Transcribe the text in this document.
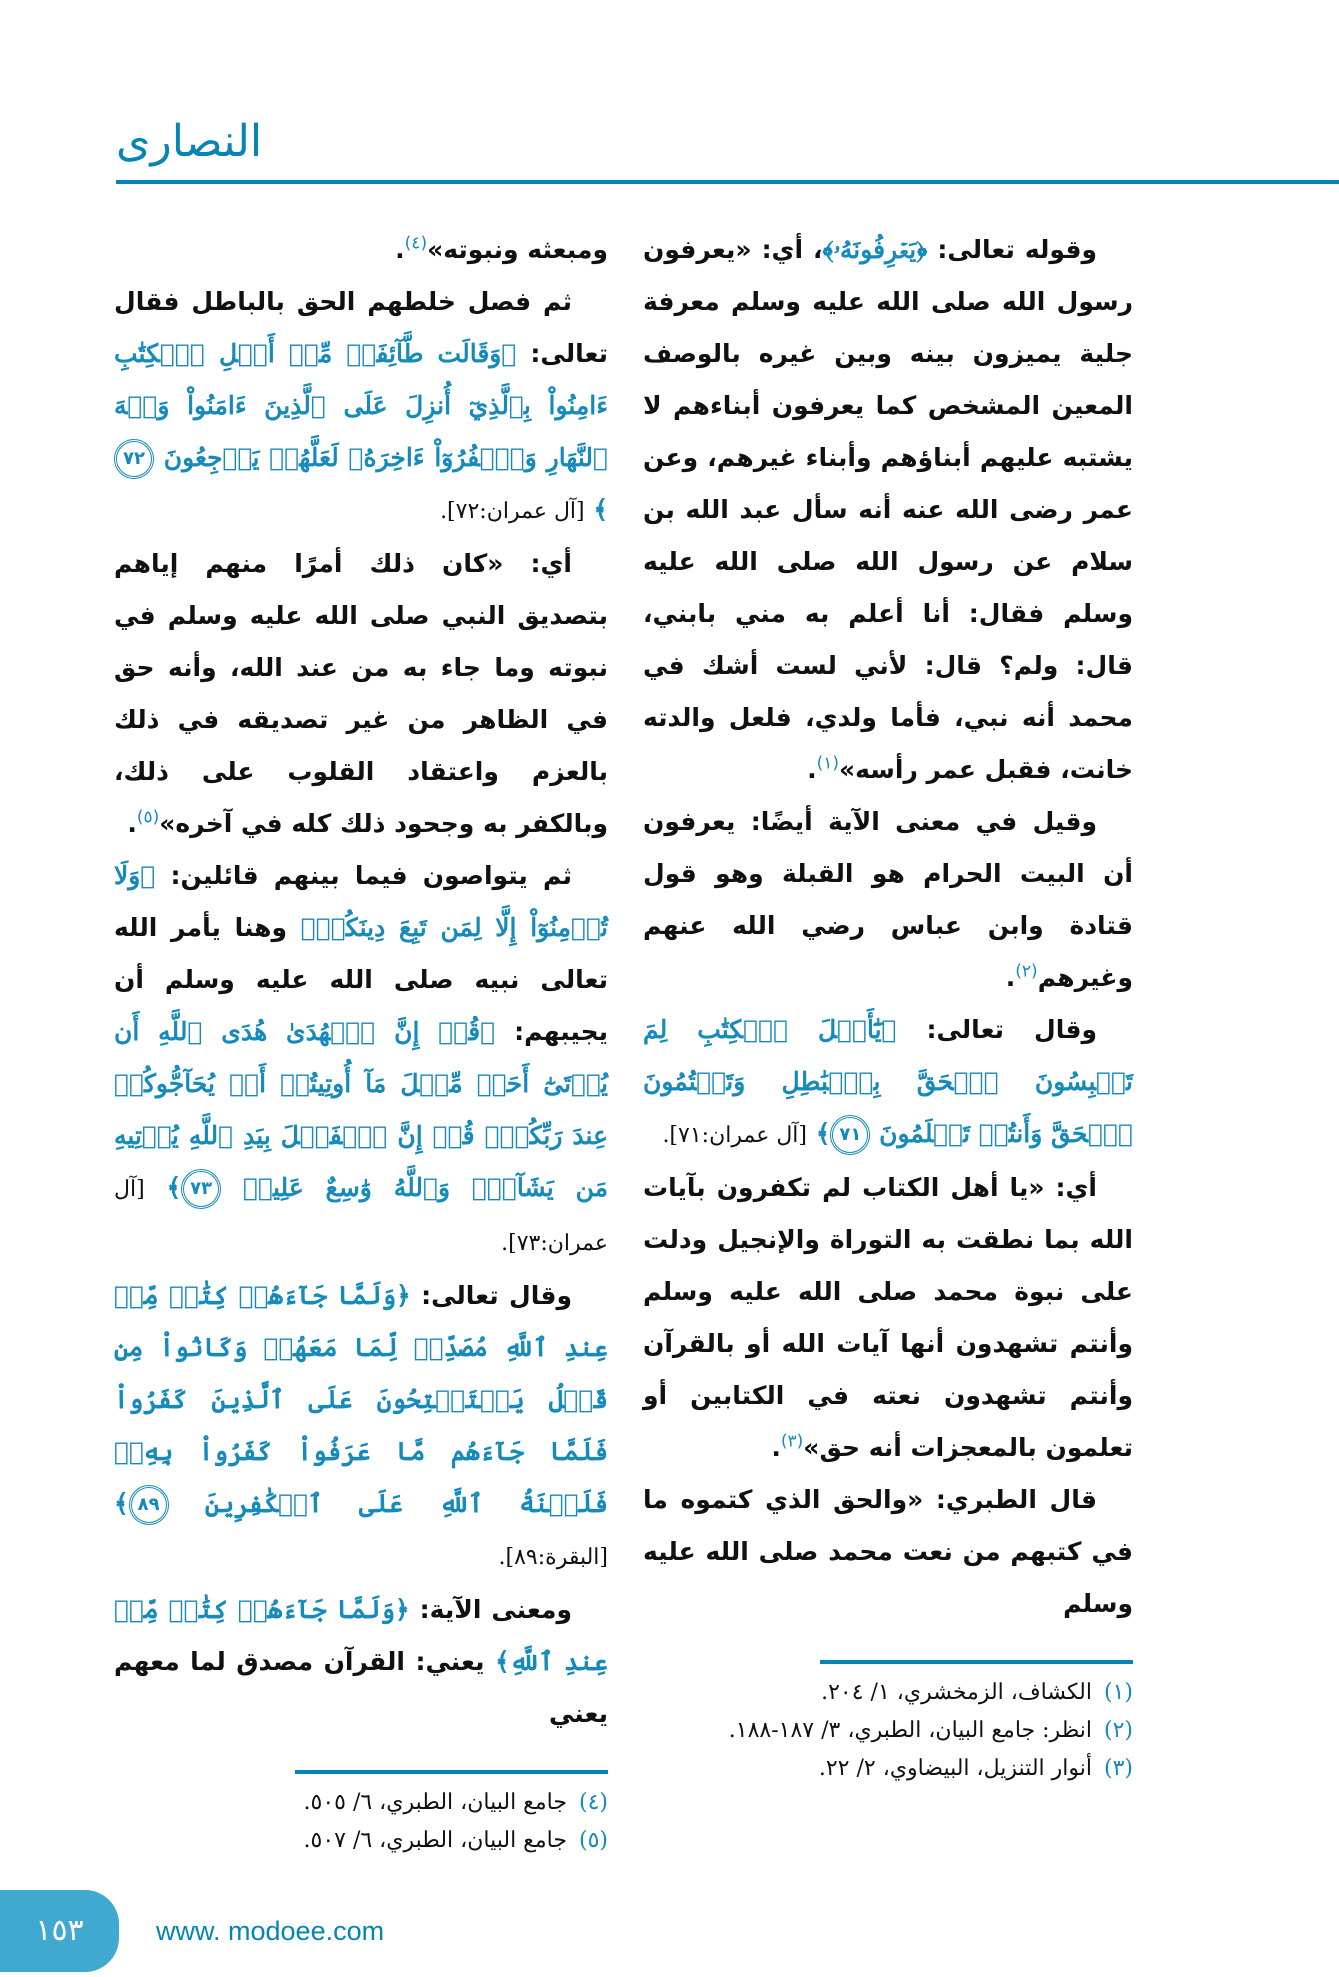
النصارى

وقوله تعالى: ﴿يَعۡرِفُونَهُۥ﴾، أي: «يعرفون رسول الله صلى الله عليه وسلم معرفة جلية يميزون بينه وبين غيره بالوصف المعين المشخص كما يعرفون أبناءهم لا يشتبه عليهم أبناؤهم وأبناء غيرهم، وعن عمر رضى الله عنه أنه سأل عبد الله بن سلام عن رسول الله صلى الله عليه وسلم فقال: أنا أعلم به مني بابني، قال: ولم؟ قال: لأني لست أشك في محمد أنه نبي، فأما ولدي، فلعل والدته خانت، فقبل عمر رأسه»$^{(١)}$.

وقيل في معنى الآية أيضًا: يعرفون أن البيت الحرام هو القبلة وهو قول قتادة وابن عباس رضي الله عنهم وغيرهم$^{(٢)}$.

وقال تعالى: ﴿يَٰٓأَهۡلَ ٱلۡكِتَٰبِ لِمَ تَلۡبِسُونَ ٱلۡحَقَّ بِٱلۡبَٰطِلِ وَتَكۡتُمُونَ ٱلۡحَقَّ وَأَنتُمۡ تَعۡلَمُونَ ٧١﴾ [آل عمران:٧١].

أي: «يا أهل الكتاب لم تكفرون بآيات الله بما نطقت به التوراة والإنجيل ودلت على نبوة محمد صلى الله عليه وسلم وأنتم تشهدون أنها آيات الله أو بالقرآن وأنتم تشهدون نعته في الكتابين أو تعلمون بالمعجزات أنه حق»$^{(٣)}$.

قال الطبري: «والحق الذي كتموه ما في كتبهم من نعت محمد صلى الله عليه وسلم

(١)الكشاف، الزمخشري، ١/ ٢٠٤.
(٢)انظر: جامع البيان، الطبري، ٣/ ١٨٧-١٨٨.
(٣)أنوار التنزيل، البيضاوي، ٢/ ٢٢.

ومبعثه ونبوته»$^{(٤)}$.

ثم فصل خلطهم الحق بالباطل فقال تعالى: ﴿وَقَالَت طَّآئِفَةٞ مِّنۡ أَهۡلِ ٱلۡكِتَٰبِ ءَامِنُواْ بِٱلَّذِيٓ أُنزِلَ عَلَى ٱلَّذِينَ ءَامَنُواْ وَجۡهَ ٱلنَّهَارِ وَٱكۡفُرُوٓاْ ءَاخِرَهُۥ لَعَلَّهُمۡ يَرۡجِعُونَ ٧٢﴾ [آل عمران:٧٢].

أي: «كان ذلك أمرًا منهم إياهم بتصديق النبي صلى الله عليه وسلم في نبوته وما جاء به من عند الله، وأنه حق في الظاهر من غير تصديقه في ذلك بالعزم واعتقاد القلوب على ذلك، وبالكفر به وجحود ذلك كله في آخره»$^{(٥)}$.

ثم يتواصون فيما بينهم قائلين: ﴿وَلَا تُؤۡمِنُوٓاْ إِلَّا لِمَن تَبِعَ دِينَكُمۡ﴾ وهنا يأمر الله تعالى نبيه صلى الله عليه وسلم أن يجيبهم: ﴿قُلۡ إِنَّ ٱلۡهُدَىٰ هُدَى ٱللَّهِ أَن يُؤۡتَىٰٓ أَحَدٞ مِّثۡلَ مَآ أُوتِيتُمۡ أَوۡ يُحَآجُّوكُمۡ عِندَ رَبِّكُمۡۗ قُلۡ إِنَّ ٱلۡفَضۡلَ بِيَدِ ٱللَّهِ يُؤۡتِيهِ مَن يَشَآءُۗ وَٱللَّهُ وَٰسِعٌ عَلِيمٞ ٧٣﴾ [آل عمران:٧٣].

وقال تعالى: ﴿وَلَمَّا جَآءَهُمۡ كِتَٰبٞ مِّنۡ عِندِ ٱللَّهِ مُصَدِّقٞ لِّمَا مَعَهُمۡ وَكَانُواْ مِن قَبۡلُ يَسۡتَفۡتِحُونَ عَلَى ٱلَّذِينَ كَفَرُواْ فَلَمَّا جَآءَهُم مَّا عَرَفُواْ كَفَرُواْ بِهِۦۚ فَلَعۡنَةُ ٱللَّهِ عَلَى ٱلۡكَٰفِرِينَ ٨٩﴾ [البقرة:٨٩].

ومعنى الآية: ﴿وَلَمَّا جَآءَهُمۡ كِتَٰبٞ مِّنۡ عِندِ ٱللَّهِ﴾ يعني: القرآن مصدق لما معهم يعني

(٤)جامع البيان، الطبري، ٦/ ٥٠٥.
(٥)جامع البيان، الطبري، ٦/ ٥٠٧.
١٥٣	www. modoee.com
